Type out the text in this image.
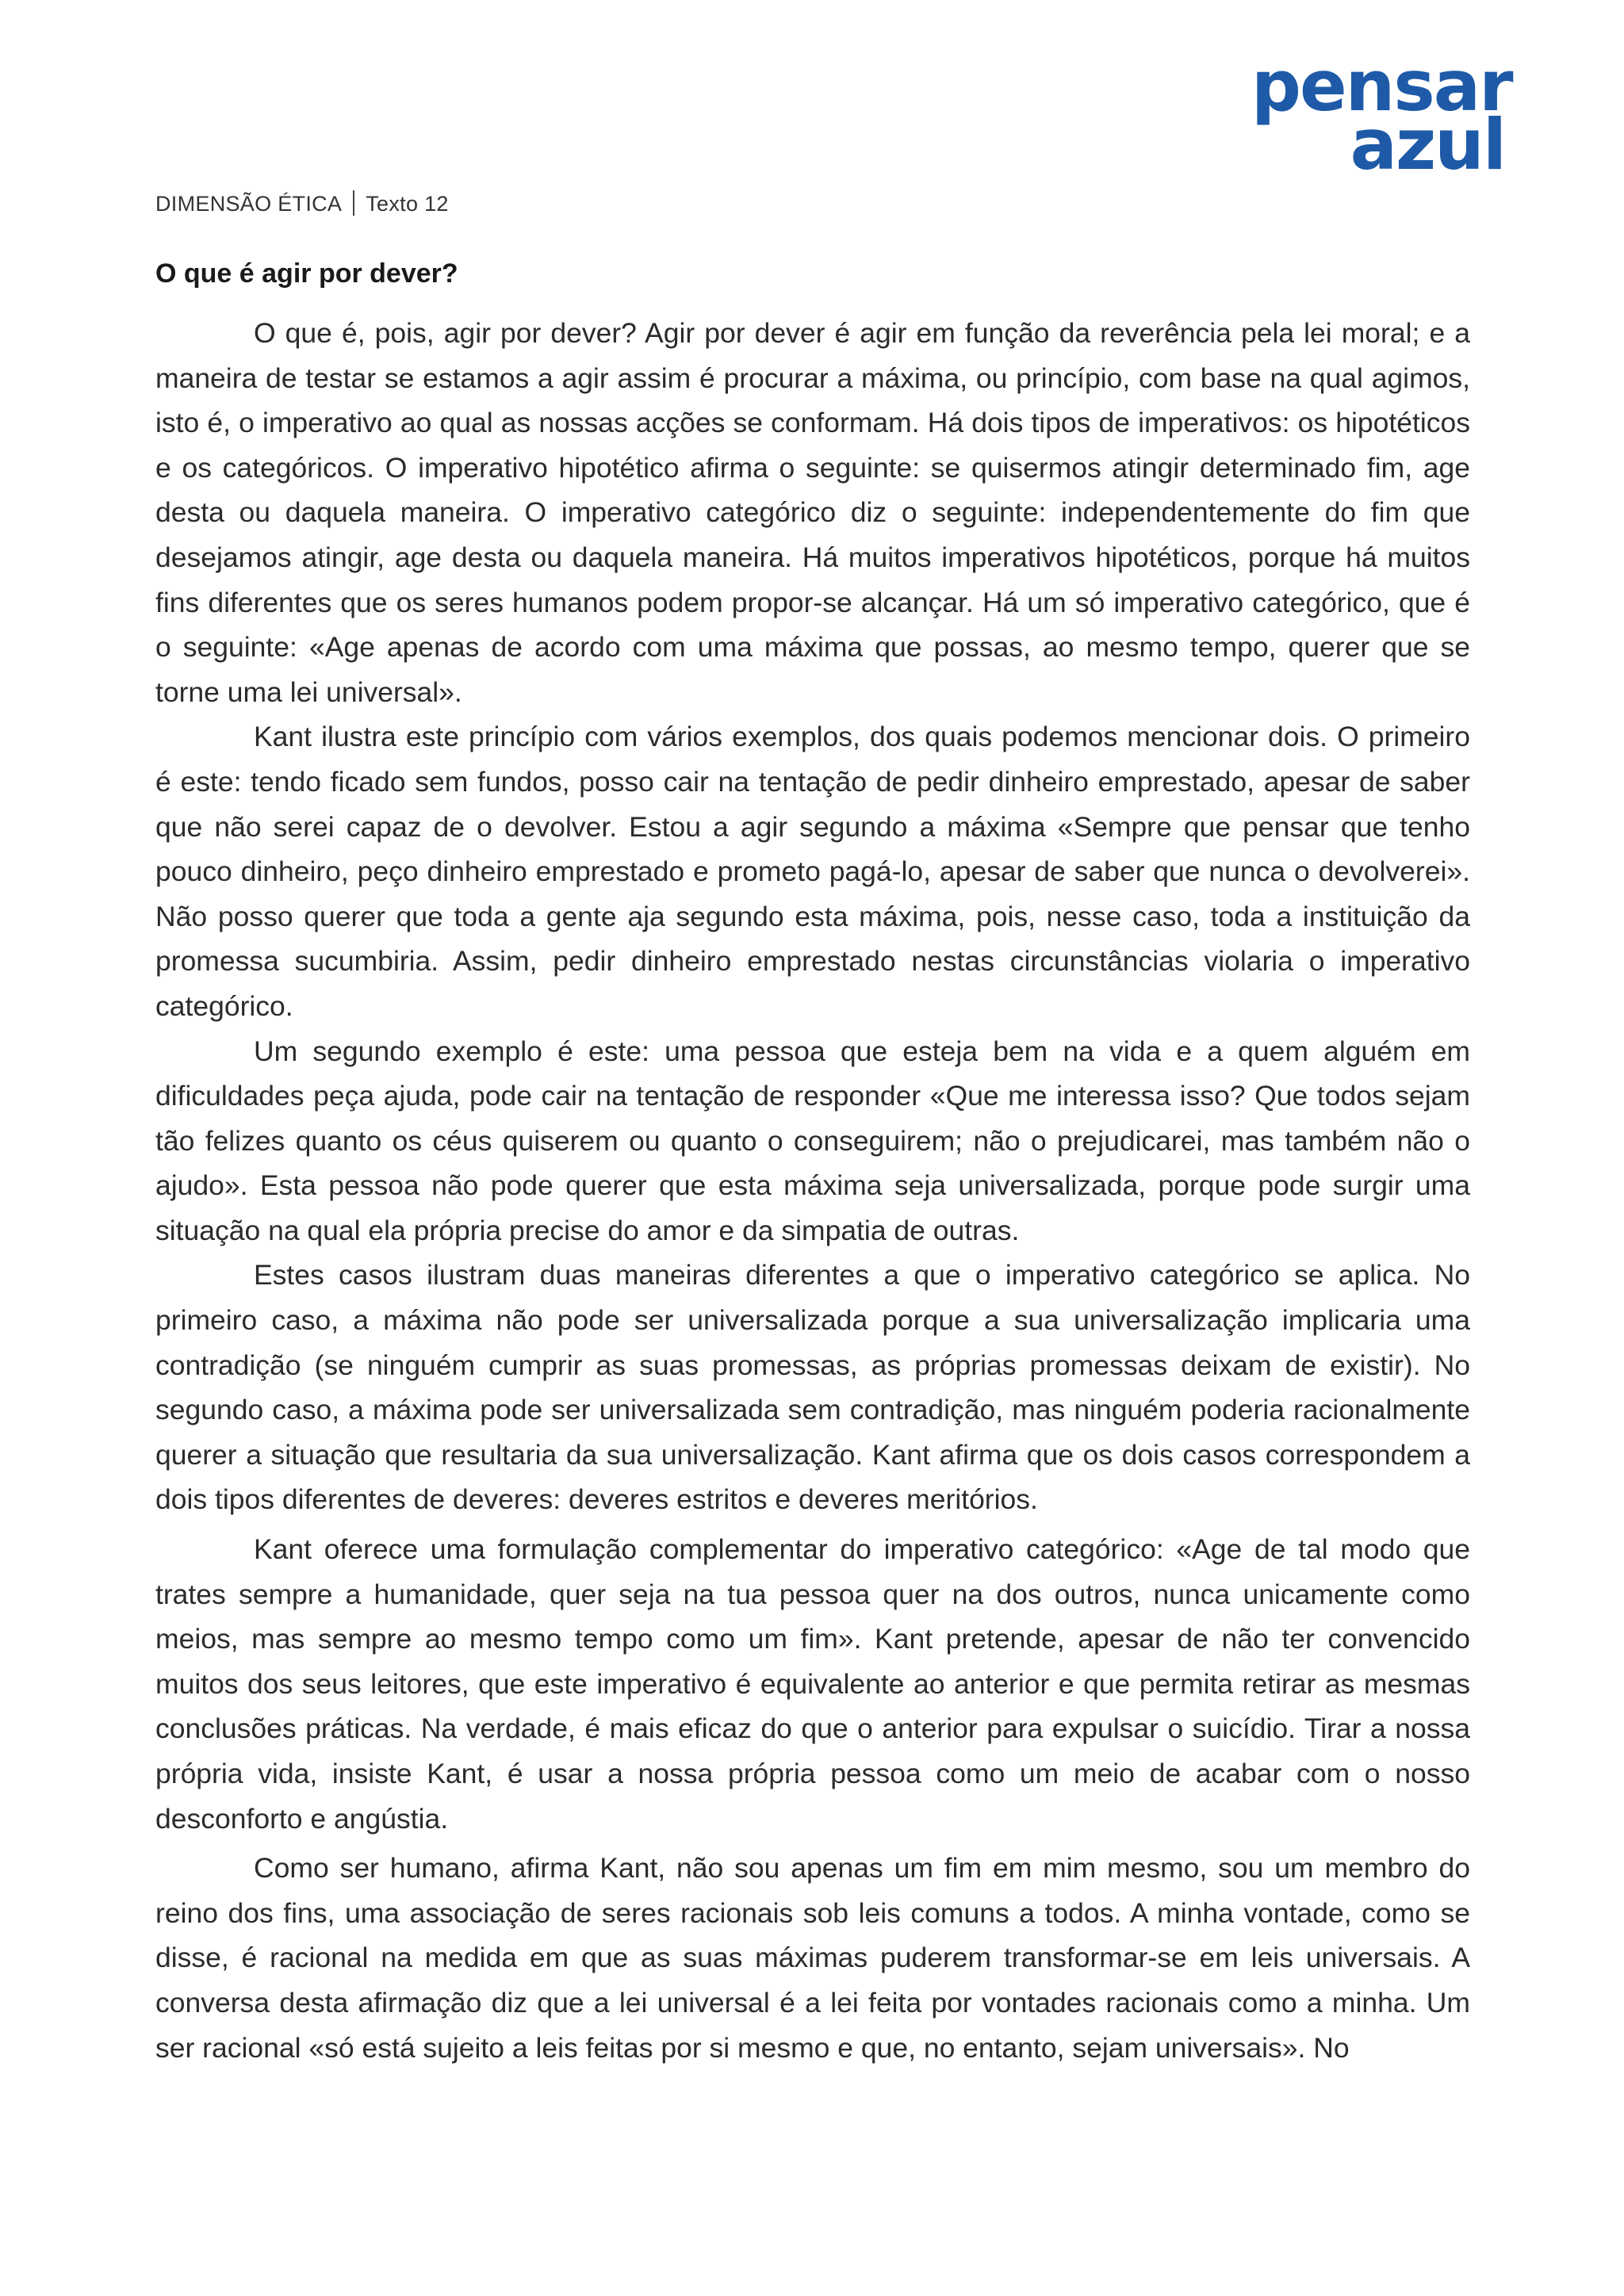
pensar
azul
DIMENSÃO ÉTICA Texto 12
O que é agir por dever?

O que é, pois, agir por dever? Agir por dever é agir em função da reverência pela lei moral; e a maneira de testar se estamos a agir assim é procurar a máxima, ou princípio, com base na qual agimos, isto é, o imperativo ao qual as nossas acções se conformam. Há dois tipos de imperativos: os hipotéticos e os categóricos. O imperativo hipotético afirma o seguinte: se quisermos atingir determinado fim, age desta ou daquela maneira. O imperativo categórico diz o seguinte: independentemente do fim que desejamos atingir, age desta ou daquela maneira. Há muitos imperativos hipotéticos, porque há muitos fins diferentes que os seres humanos podem propor-se alcançar. Há um só imperativo categórico, que é o seguinte: «Age apenas de acordo com uma máxima que possas, ao mesmo tempo, querer que se torne uma lei universal».

Kant ilustra este princípio com vários exemplos, dos quais podemos mencionar dois. O primeiro é este: tendo ficado sem fundos, posso cair na tentação de pedir dinheiro emprestado, apesar de saber que não serei capaz de o devolver. Estou a agir segundo a máxima «Sempre que pensar que tenho pouco dinheiro, peço dinheiro emprestado e prometo pagá-lo, apesar de saber que nunca o devolverei». Não posso querer que toda a gente aja segundo esta máxima, pois, nesse caso, toda a instituição da promessa sucumbiria. Assim, pedir dinheiro emprestado nestas circunstâncias violaria o imperativo categórico.

Um segundo exemplo é este: uma pessoa que esteja bem na vida e a quem alguém em dificuldades peça ajuda, pode cair na tentação de responder «Que me interessa isso? Que todos sejam tão felizes quanto os céus quiserem ou quanto o conseguirem; não o prejudicarei, mas também não o ajudo». Esta pessoa não pode querer que esta máxima seja universalizada, porque pode surgir uma situação na qual ela própria precise do amor e da simpatia de outras.

Estes casos ilustram duas maneiras diferentes a que o imperativo categórico se aplica. No primeiro caso, a máxima não pode ser universalizada porque a sua universalização implicaria uma contradição (se ninguém cumprir as suas promessas, as próprias promessas deixam de existir). No segundo caso, a máxima pode ser universalizada sem contradição, mas ninguém poderia racionalmente querer a situação que resultaria da sua universalização. Kant afirma que os dois casos correspondem a dois tipos diferentes de deveres: deveres estritos e deveres meritórios.

Kant oferece uma formulação complementar do imperativo categórico: «Age de tal modo que trates sempre a humanidade, quer seja na tua pessoa quer na dos outros, nunca unicamente como meios, mas sempre ao mesmo tempo como um fim». Kant pretende, apesar de não ter convencido muitos dos seus leitores, que este imperativo é equivalente ao anterior e que permita retirar as mesmas conclusões práticas. Na verdade, é mais eficaz do que o anterior para expulsar o suicídio. Tirar a nossa própria vida, insiste Kant, é usar a nossa própria pessoa como um meio de acabar com o nosso desconforto e angústia.

Como ser humano, afirma Kant, não sou apenas um fim em mim mesmo, sou um membro do reino dos fins, uma associação de seres racionais sob leis comuns a todos. A minha vontade, como se disse, é racional na medida em que as suas máximas puderem transformar-se em leis universais. A conversa desta afirmação diz que a lei universal é a lei feita por vontades racionais como a minha. Um ser racional «só está sujeito a leis feitas por si mesmo e que, no entanto, sejam universais». No
